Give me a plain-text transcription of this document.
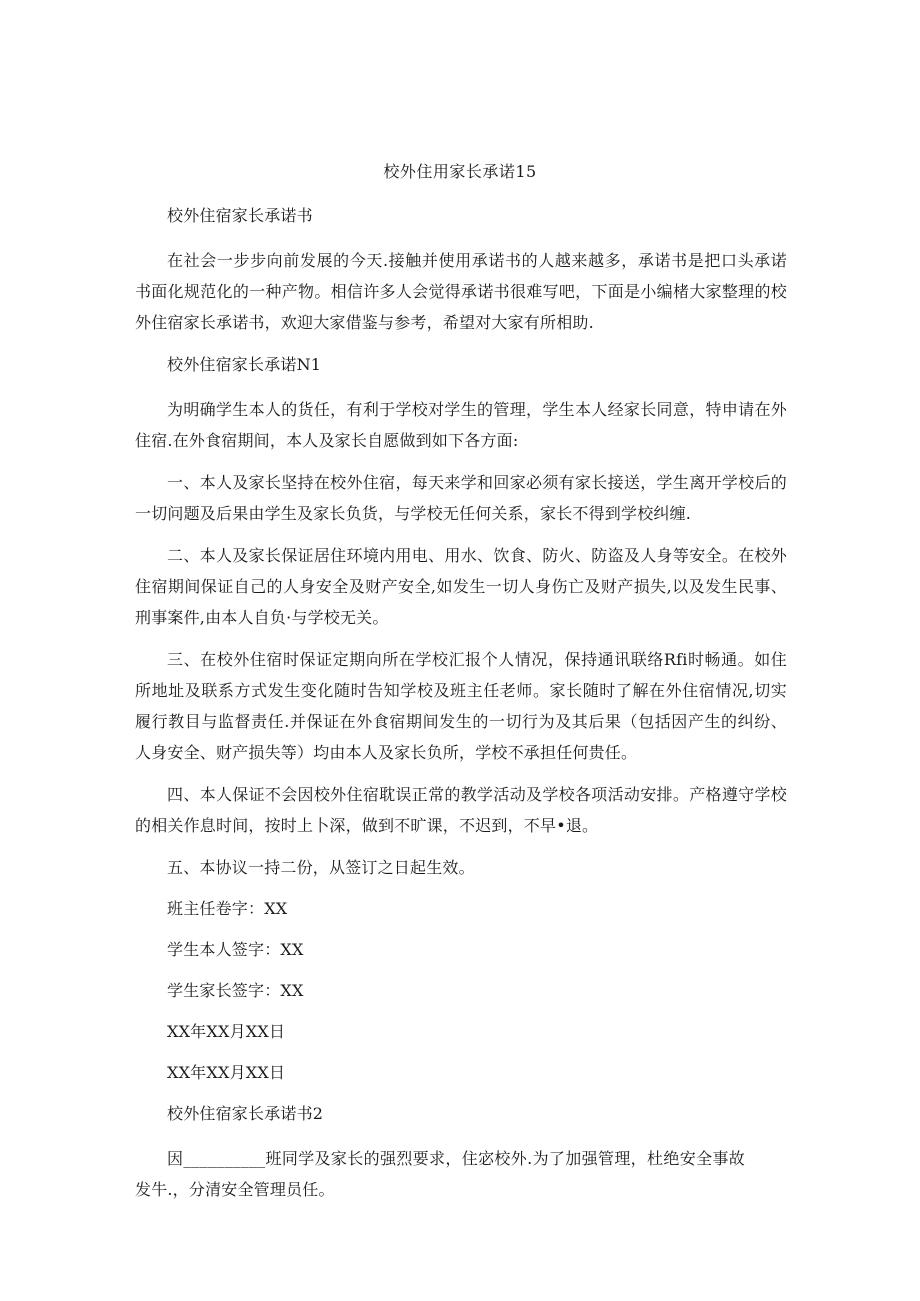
校外住用家长承诺15

校外住宿家长承诺书

在社会一步步向前发展的今天.接触并使用承诺书的人越来越多，承诺书是把口头承诺书面化规范化的一种产物。相信许多人会觉得承诺书很难写吧，下面是小编楮大家整理的校外住宿家长承诺书，欢迎大家借鉴与参考，希望对大家有所相助.

校外住宿家长承诺N1

为明确学生本人的货任，有利于学校对学生的管理，学生本人经家长同意，特申请在外住宿.在外食宿期间，本人及家长自愿做到如下各方面:

一、本人及家长坚持在校外住宿，每天来学和回家必须有家长接送，学生离开学校后的一切问题及后果由学生及家长负货，与学校无任何关系，家长不得到学校纠缠.

二、本人及家长保证居住环境内用电、用水、饮食、防火、防盗及人身等安全。在校外住宿期间保证自己的人身安全及财产安全,如发生一切人身伤亡及财产损失,以及发生民事、刑事案件,由本人自负·与学校无关。

三、在校外住宿时保证定期向所在学校汇报个人情况，保持通讯联络Rfi时畅通。如住所地址及联系方式发生变化随时告知学校及班主任老师。家长随时了解在外住宿情况,切实履行教目与监督责任.并保证在外食宿期间发生的一切行为及其后果（包括因产生的纠纷、人身安全、财产损失等）均由本人及家长负所，学校不承担任何贵任。

四、本人保证不会因校外住宿耽误正常的教学活动及学校各项活动安排。产格遵守学校的相关作息时间，按时上卜深，做到不旷课，不迟到，不早•退。

五、本协议一持二份，从签订之日起生效。

班主任卷字：XX

学生本人签字：XX

学生家长签字：XX

XX年XX月XX日

XX年XX月XX日

校外住宿家长承诺书2

因__________班同学及家长的强烈要求，住宓校外.为了加强管理，杜绝安全事故发牛.，分清安全管理员任。
